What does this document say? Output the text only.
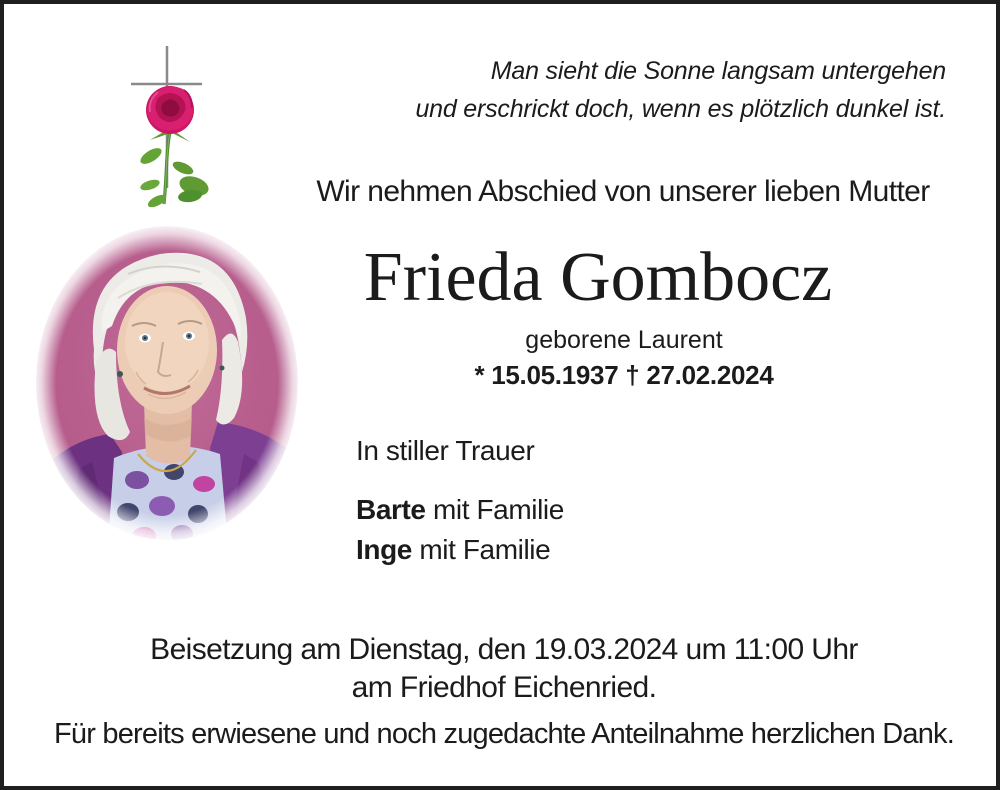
Man sieht die Sonne langsam untergehen
und erschrickt doch, wenn es plötzlich dunkel ist.
Wir nehmen Abschied von unserer lieben Mutter
Frieda Gombocz
geborene Laurent
* 15.05.1937 † 27.02.2024
In stiller Trauer
Barte mit Familie
Inge mit Familie
Beisetzung am Dienstag, den 19.03.2024 um 11:00 Uhr
am Friedhof Eichenried.
Für bereits erwiesene und noch zugedachte Anteilnahme herzlichen Dank.
